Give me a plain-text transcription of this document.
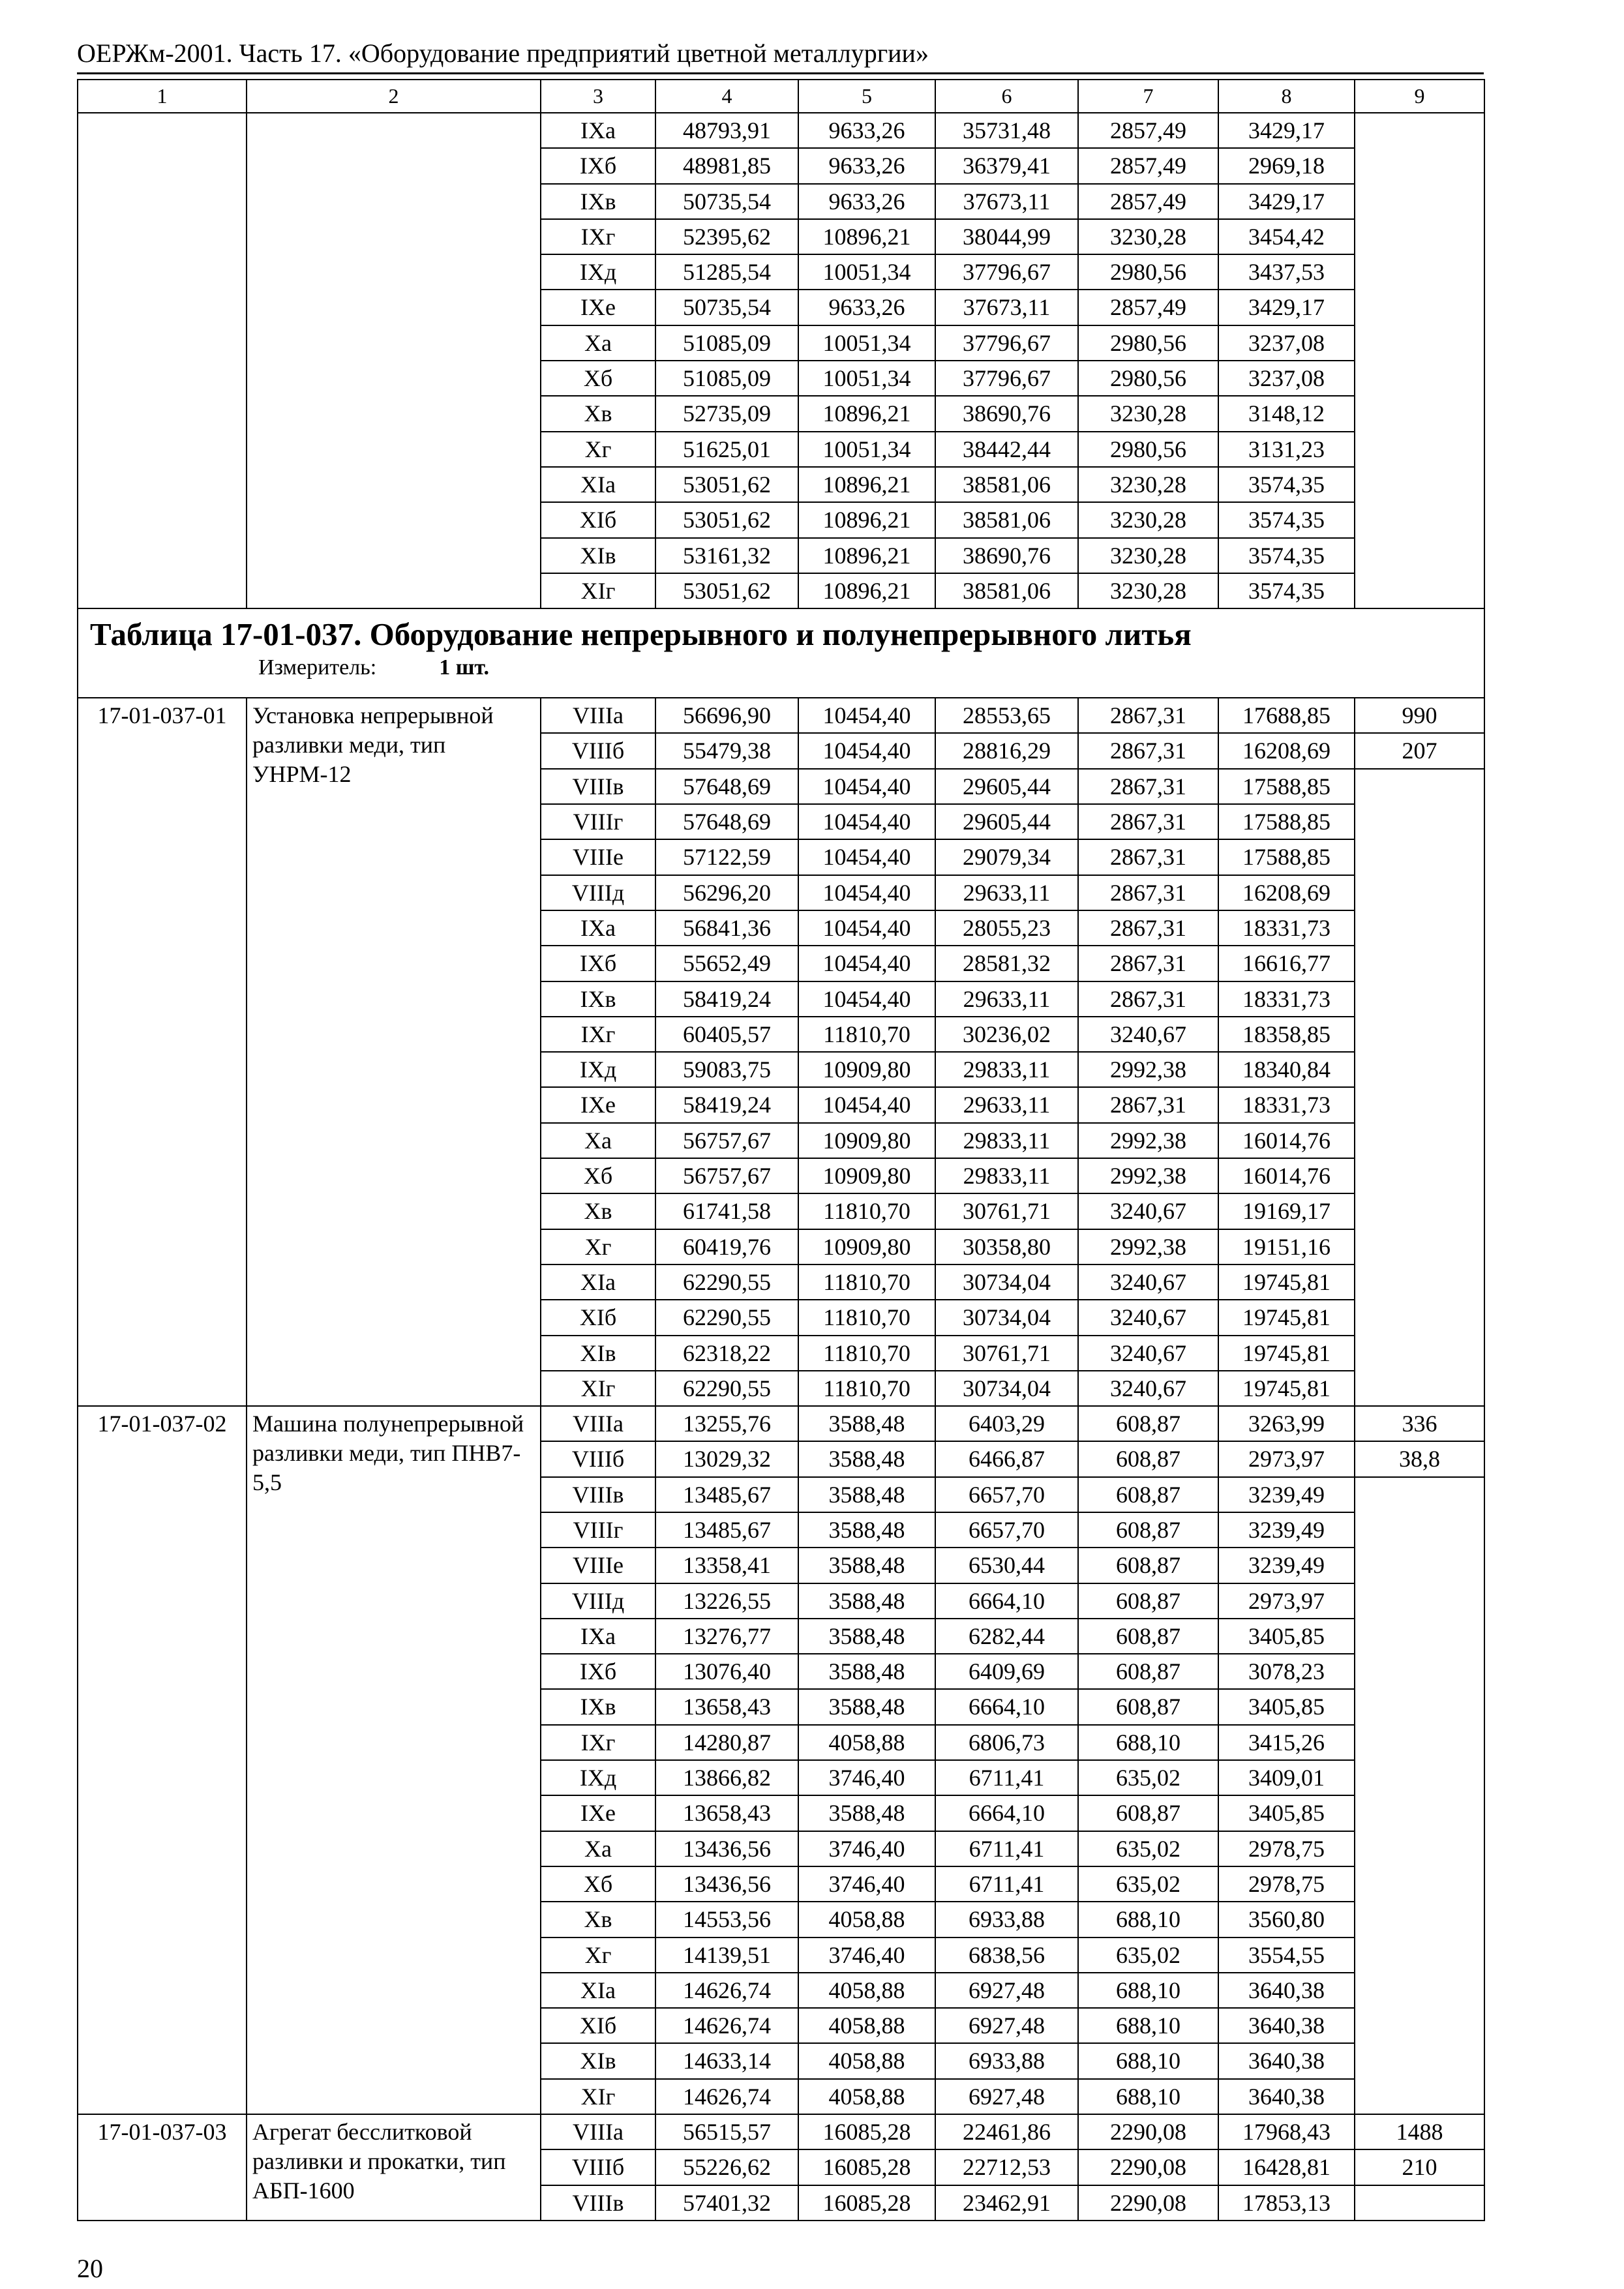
ОЕРЖм-2001. Часть 17. «Оборудование предприятий цветной металлургии»
1	2	3	4	5	6	7	8	9
		IXа	48793,91	9633,26	35731,48	2857,49	3429,17	
		IXб	48981,85	9633,26	36379,41	2857,49	2969,18	
		IXв	50735,54	9633,26	37673,11	2857,49	3429,17	
		IXг	52395,62	10896,21	38044,99	3230,28	3454,42	
		IXд	51285,54	10051,34	37796,67	2980,56	3437,53	
		IXе	50735,54	9633,26	37673,11	2857,49	3429,17	
		Xа	51085,09	10051,34	37796,67	2980,56	3237,08	
		Xб	51085,09	10051,34	37796,67	2980,56	3237,08	
		Xв	52735,09	10896,21	38690,76	3230,28	3148,12	
		Xг	51625,01	10051,34	38442,44	2980,56	3131,23	
		XIа	53051,62	10896,21	38581,06	3230,28	3574,35	
		XIб	53051,62	10896,21	38581,06	3230,28	3574,35	
		XIв	53161,32	10896,21	38690,76	3230,28	3574,35	
		XIг	53051,62	10896,21	38581,06	3230,28	3574,35	

Таблица 17-01-037. Оборудование непрерывного и полунепрерывного литья
Измеритель: 1 шт.								

17-01-037-01	Установка непрерывной разливки меди, тип УНРМ-12	VIIIа	56696,90	10454,40	28553,65	2867,31	17688,85	990
		VIIIб	55479,38	10454,40	28816,29	2867,31	16208,69	207
		VIIIв	57648,69	10454,40	29605,44	2867,31	17588,85	
		VIIIг	57648,69	10454,40	29605,44	2867,31	17588,85	
		VIIIе	57122,59	10454,40	29079,34	2867,31	17588,85	
		VIIIд	56296,20	10454,40	29633,11	2867,31	16208,69	
		IXа	56841,36	10454,40	28055,23	2867,31	18331,73	
		IXб	55652,49	10454,40	28581,32	2867,31	16616,77	
		IXв	58419,24	10454,40	29633,11	2867,31	18331,73	
		IXг	60405,57	11810,70	30236,02	3240,67	18358,85	
		IXд	59083,75	10909,80	29833,11	2992,38	18340,84	
		IXе	58419,24	10454,40	29633,11	2867,31	18331,73	
		Xа	56757,67	10909,80	29833,11	2992,38	16014,76	
		Xб	56757,67	10909,80	29833,11	2992,38	16014,76	
		Xв	61741,58	11810,70	30761,71	3240,67	19169,17	
		Xг	60419,76	10909,80	30358,80	2992,38	19151,16	
		XIа	62290,55	11810,70	30734,04	3240,67	19745,81	
		XIб	62290,55	11810,70	30734,04	3240,67	19745,81	
		XIв	62318,22	11810,70	30761,71	3240,67	19745,81	
		XIг	62290,55	11810,70	30734,04	3240,67	19745,81	
17-01-037-02	Машина полунепрерывной разливки меди, тип ПНВ7-5,5	VIIIа	13255,76	3588,48	6403,29	608,87	3263,99	336
		VIIIб	13029,32	3588,48	6466,87	608,87	2973,97	38,8
		VIIIв	13485,67	3588,48	6657,70	608,87	3239,49	
		VIIIг	13485,67	3588,48	6657,70	608,87	3239,49	
		VIIIе	13358,41	3588,48	6530,44	608,87	3239,49	
		VIIIд	13226,55	3588,48	6664,10	608,87	2973,97	
		IXа	13276,77	3588,48	6282,44	608,87	3405,85	
		IXб	13076,40	3588,48	6409,69	608,87	3078,23	
		IXв	13658,43	3588,48	6664,10	608,87	3405,85	
		IXг	14280,87	4058,88	6806,73	688,10	3415,26	
		IXд	13866,82	3746,40	6711,41	635,02	3409,01	
		IXе	13658,43	3588,48	6664,10	608,87	3405,85	
		Xа	13436,56	3746,40	6711,41	635,02	2978,75	
		Xб	13436,56	3746,40	6711,41	635,02	2978,75	
		Xв	14553,56	4058,88	6933,88	688,10	3560,80	
		Xг	14139,51	3746,40	6838,56	635,02	3554,55	
		XIа	14626,74	4058,88	6927,48	688,10	3640,38	
		XIб	14626,74	4058,88	6927,48	688,10	3640,38	
		XIв	14633,14	4058,88	6933,88	688,10	3640,38	
		XIг	14626,74	4058,88	6927,48	688,10	3640,38	
17-01-037-03	Агрегат бесслитковой разливки и прокатки, тип АБП-1600	VIIIа	56515,57	16085,28	22461,86	2290,08	17968,43	1488
		VIIIб	55226,62	16085,28	22712,53	2290,08	16428,81	210
		VIIIв	57401,32	16085,28	23462,91	2290,08	17853,13	
20
